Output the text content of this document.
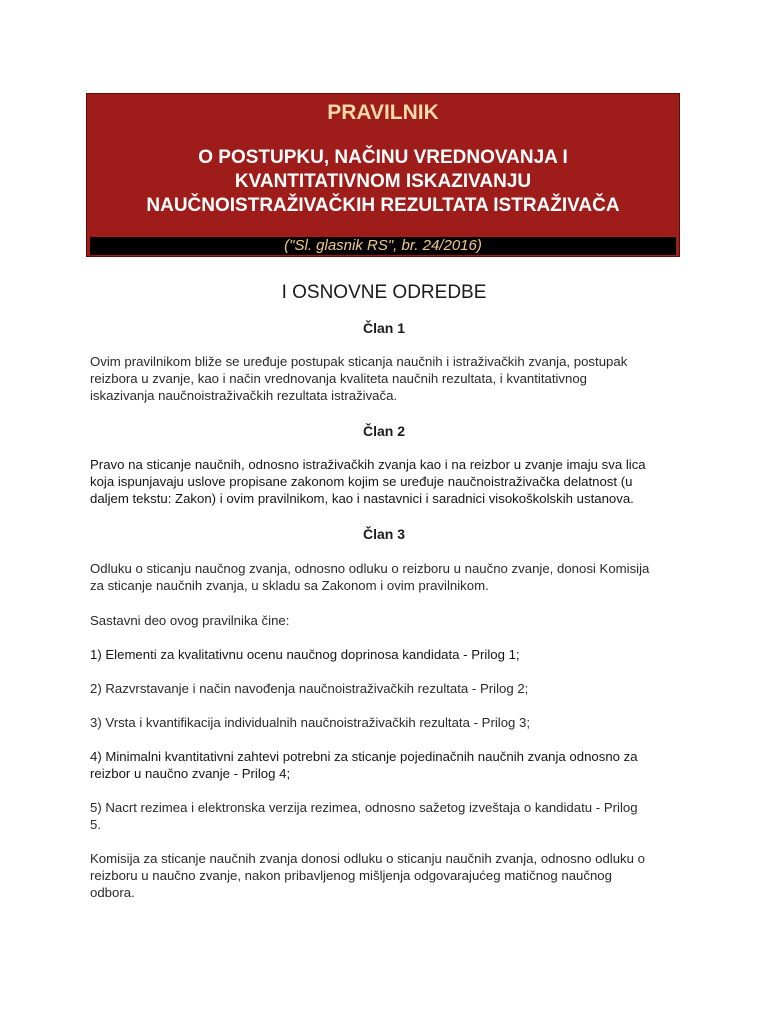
PRAVILNIK
O POSTUPKU, NAČINU VREDNOVANJA I
KVANTITATIVNOM ISKAZIVANJU
NAUČNOISTRAŽIVAČKIH REZULTATA ISTRAŽIVAČA
("Sl. glasnik RS", br. 24/2016)
I OSNOVNE ODREDBE
Član 1
Ovim pravilnikom bliže se uređuje postupak sticanja naučnih i istraživačkih zvanja, postupak
reizbora u zvanje, kao i način vrednovanja kvaliteta naučnih rezultata, i kvantitativnog
iskazivanja naučnoistraživačkih rezultata istraživača.
Član 2
Pravo na sticanje naučnih, odnosno istraživačkih zvanja kao i na reizbor u zvanje imaju sva lica
koja ispunjavaju uslove propisane zakonom kojim se uređuje naučnoistraživačka delatnost (u
daljem tekstu: Zakon) i ovim pravilnikom, kao i nastavnici i saradnici visokoškolskih ustanova.
Član 3
Odluku o sticanju naučnog zvanja, odnosno odluku o reizboru u naučno zvanje, donosi Komisija
za sticanje naučnih zvanja, u skladu sa Zakonom i ovim pravilnikom.
Sastavni deo ovog pravilnika čine:
1) Elementi za kvalitativnu ocenu naučnog doprinosa kandidata - Prilog 1;
2) Razvrstavanje i način navođenja naučnoistraživačkih rezultata - Prilog 2;
3) Vrsta i kvantifikacija individualnih naučnoistraživačkih rezultata - Prilog 3;
4) Minimalni kvantitativni zahtevi potrebni za sticanje pojedinačnih naučnih zvanja odnosno za
reizbor u naučno zvanje - Prilog 4;
5) Nacrt rezimea i elektronska verzija rezimea, odnosno sažetog izveštaja o kandidatu - Prilog
5.
Komisija za sticanje naučnih zvanja donosi odluku o sticanju naučnih zvanja, odnosno odluku o
reizboru u naučno zvanje, nakon pribavljenog mišljenja odgovarajućeg matičnog naučnog
odbora.
